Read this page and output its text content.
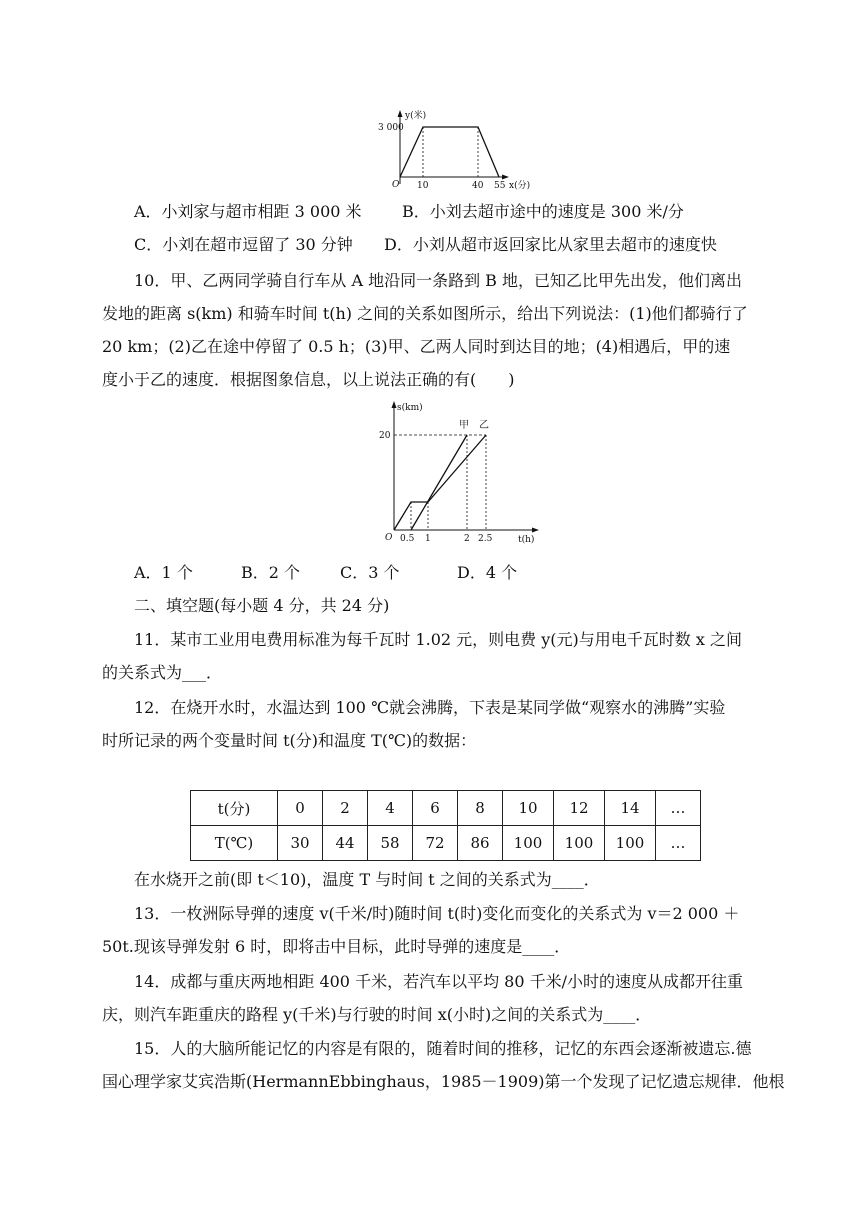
y(米)
3 000
O 10	40 55 x(分)
A．小刘家与超市相距 3 000 米	B．小刘去超市途中的速度是 300 米/分
C．小刘在超市逗留了 30 分钟 D．小刘从超市返回家比从家里去超市的速度快
10．甲、乙两同学骑自行车从 A 地沿同一条路到 B 地，已知乙比甲先出发，他们离出
发地的距离 s(km) 和骑车时间 t(h) 之间的关系如图所示，给出下列说法：(1)他们都骑行了
20 km；(2)乙在途中停留了 0.5 h；(3)甲、乙两人同时到达目的地；(4)相遇后，甲的速
度小于乙的速度．根据图象信息，以上说法正确的有(　　)
s(km)
20
O 0.5 1	2 2.5	t(h)
甲 乙
A．1 个	B．2 个 C．3 个	D．4 个
二、填空题(每小题 4 分，共 24 分)
11．某市工业用电费用标准为每千瓦时 1.02 元，则电费 y(元)与用电千瓦时数 x 之间
的关系式为___．
12．在烧开水时，水温达到 100 ℃就会沸腾，下表是某同学做“观察水的沸腾”实验
时所记录的两个变量时间 t(分)和温度 T(℃)的数据：
t(分)	0	2	4	6	8	10	12	14	…
T(℃)	30	44	58	72	86	100	100	100	…
在水烧开之前(即 t＜10)，温度 T 与时间 t 之间的关系式为____．
13．一枚洲际导弹的速度 v(千米/时)随时间 t(时)变化而变化的关系式为 v＝2 000 ＋
50t.现该导弹发射 6 时，即将击中目标，此时导弹的速度是____．
14．成都与重庆两地相距 400 千米，若汽车以平均 80 千米/小时的速度从成都开往重
庆，则汽车距重庆的路程 y(千米)与行驶的时间 x(小时)之间的关系式为____．
15．人的大脑所能记忆的内容是有限的，随着时间的推移，记忆的东西会逐渐被遗忘.德
国心理学家艾宾浩斯(HermannEbbinghaus，1985－1909)第一个发现了记忆遗忘规律．他根
